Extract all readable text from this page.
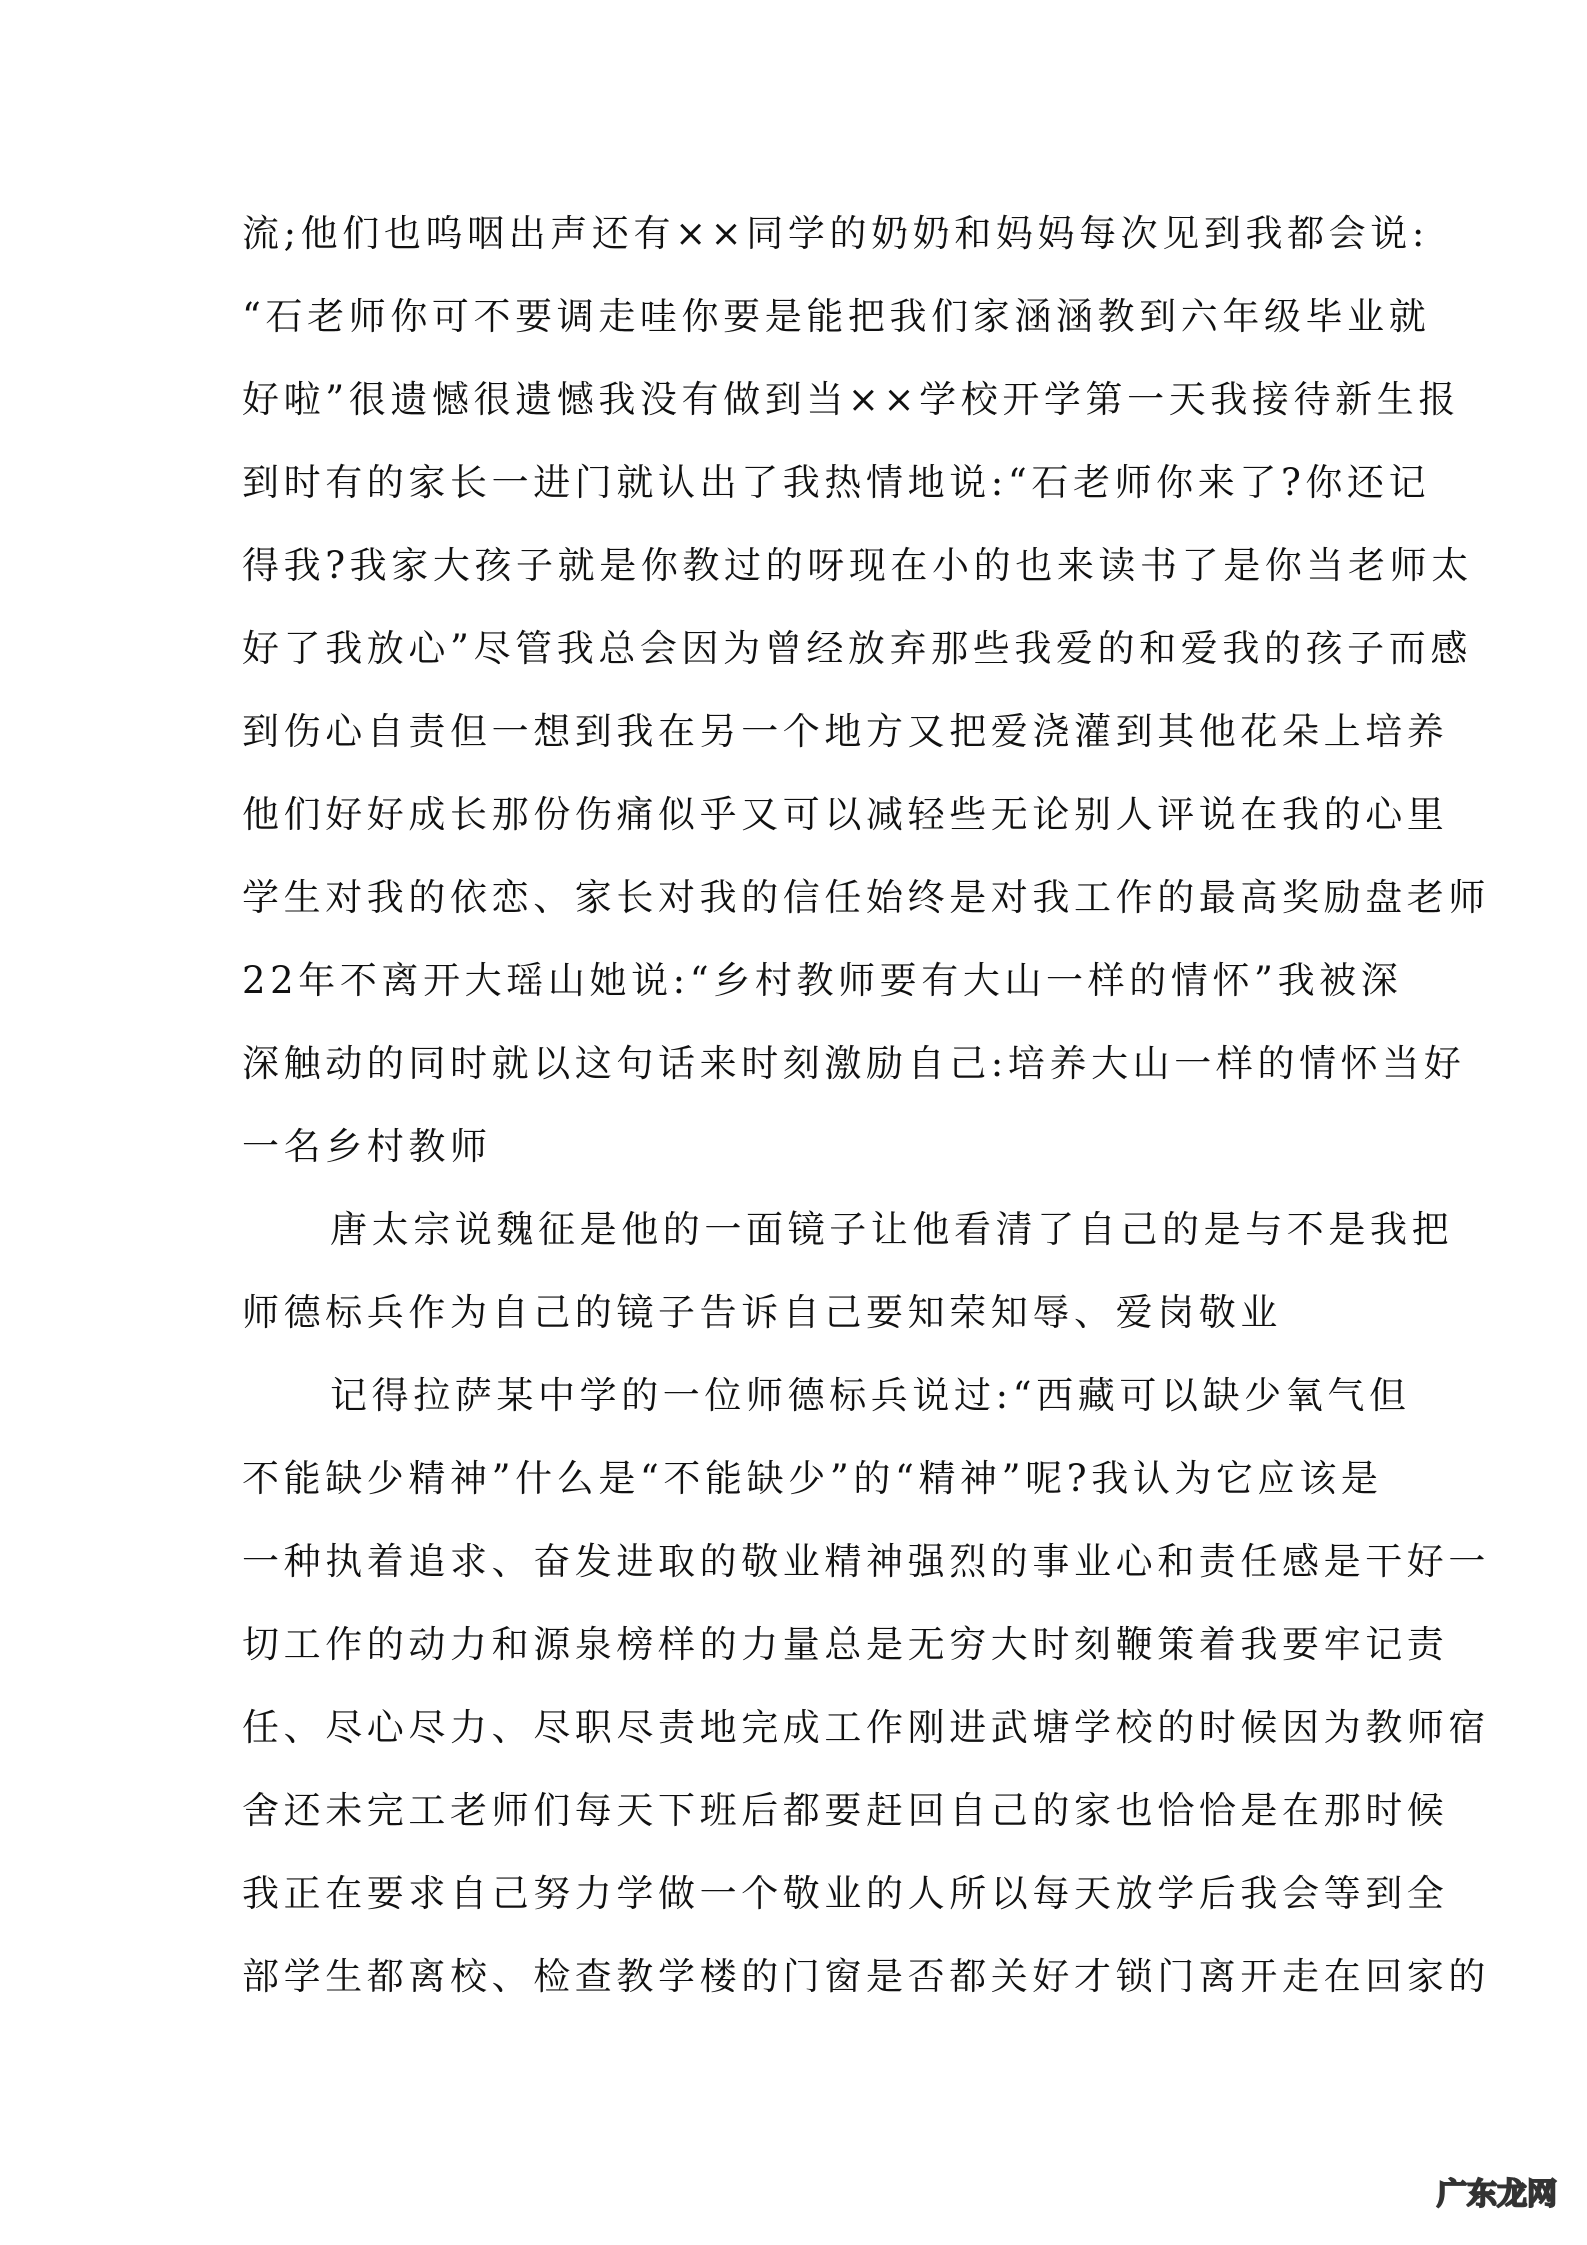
流;他们也呜咽出声还有××同学的奶奶和妈妈每次见到我都会说:
“石老师你可不要调走哇你要是能把我们家涵涵教到六年级毕业就
好啦”很遗憾很遗憾我没有做到当××学校开学第一天我接待新生报
到时有的家长一进门就认出了我热情地说:“石老师你来了?你还记
得我?我家大孩子就是你教过的呀现在小的也来读书了是你当老师太
好了我放心”尽管我总会因为曾经放弃那些我爱的和爱我的孩子而感
到伤心自责但一想到我在另一个地方又把爱浇灌到其他花朵上培养
他们好好成长那份伤痛似乎又可以减轻些无论别人评说在我的心里
学生对我的依恋、家长对我的信任始终是对我工作的最高奖励盘老师
22年不离开大瑶山她说:“乡村教师要有大山一样的情怀”我被深
深触动的同时就以这句话来时刻激励自己:培养大山一样的情怀当好
一名乡村教师
唐太宗说魏征是他的一面镜子让他看清了自己的是与不是我把
师德标兵作为自己的镜子告诉自己要知荣知辱、爱岗敬业
记得拉萨某中学的一位师德标兵说过:“西藏可以缺少氧气但
不能缺少精神”什么是“不能缺少”的“精神”呢?我认为它应该是
一种执着追求、奋发进取的敬业精神强烈的事业心和责任感是干好一
切工作的动力和源泉榜样的力量总是无穷大时刻鞭策着我要牢记责
任、尽心尽力、尽职尽责地完成工作刚进武塘学校的时候因为教师宿
舍还未完工老师们每天下班后都要赶回自己的家也恰恰是在那时候
我正在要求自己努力学做一个敬业的人所以每天放学后我会等到全
部学生都离校、检查教学楼的门窗是否都关好才锁门离开走在回家的
广东龙网
